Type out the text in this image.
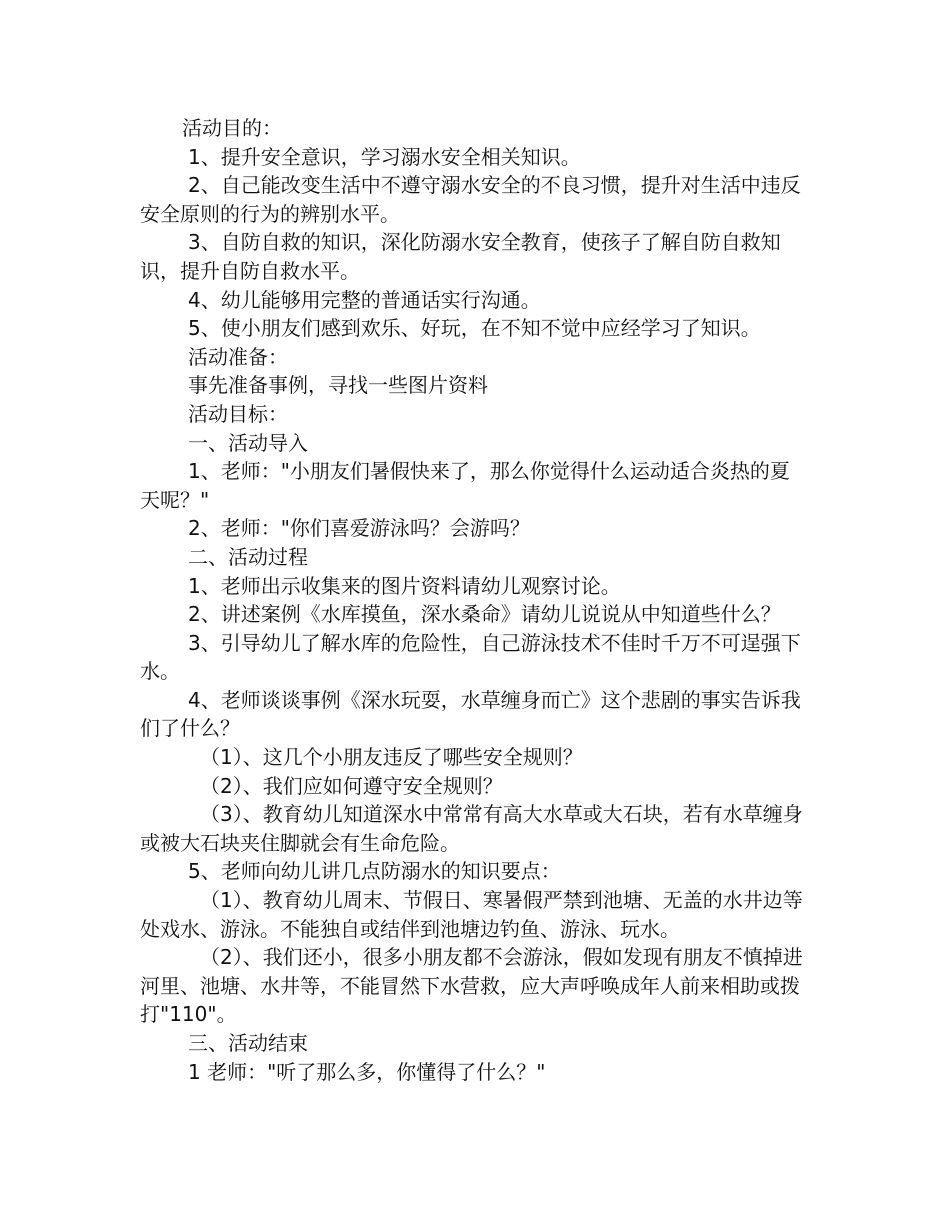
活动目的：

1、提升安全意识，学习溺水安全相关知识。

2、自己能改变生活中不遵守溺水安全的不良习惯，提升对生活中违反安全原则的行为的辨别水平。

3、自防自救的知识，深化防溺水安全教育，使孩子了解自防自救知识，提升自防自救水平。

4、幼儿能够用完整的普通话实行沟通。

5、使小朋友们感到欢乐、好玩，在不知不觉中应经学习了知识。

活动准备：

事先准备事例，寻找一些图片资料

活动目标：

一、活动导入

1、老师："小朋友们暑假快来了，那么你觉得什么运动适合炎热的夏天呢？"

2、老师："你们喜爱游泳吗？会游吗？

二、活动过程

1、老师出示收集来的图片资料请幼儿观察讨论。

2、讲述案例《水库摸鱼，深水桑命》请幼儿说说从中知道些什么？

3、引导幼儿了解水库的危险性，自己游泳技术不佳时千万不可逞强下水。

4、老师谈谈事例《深水玩耍，水草缠身而亡》这个悲剧的事实告诉我们了什么？

（1）、这几个小朋友违反了哪些安全规则？

（2）、我们应如何遵守安全规则？

（3）、教育幼儿知道深水中常常有高大水草或大石块，若有水草缠身或被大石块夹住脚就会有生命危险。

5、老师向幼儿讲几点防溺水的知识要点：

（1）、教育幼儿周末、节假日、寒暑假严禁到池塘、无盖的水井边等处戏水、游泳。不能独自或结伴到池塘边钓鱼、游泳、玩水。

（2）、我们还小，很多小朋友都不会游泳，假如发现有朋友不慎掉进河里、池塘、水井等，不能冒然下水营救，应大声呼唤成年人前来相助或拨打"110"。

三、活动结束

1 老师："听了那么多，你懂得了什么？"
